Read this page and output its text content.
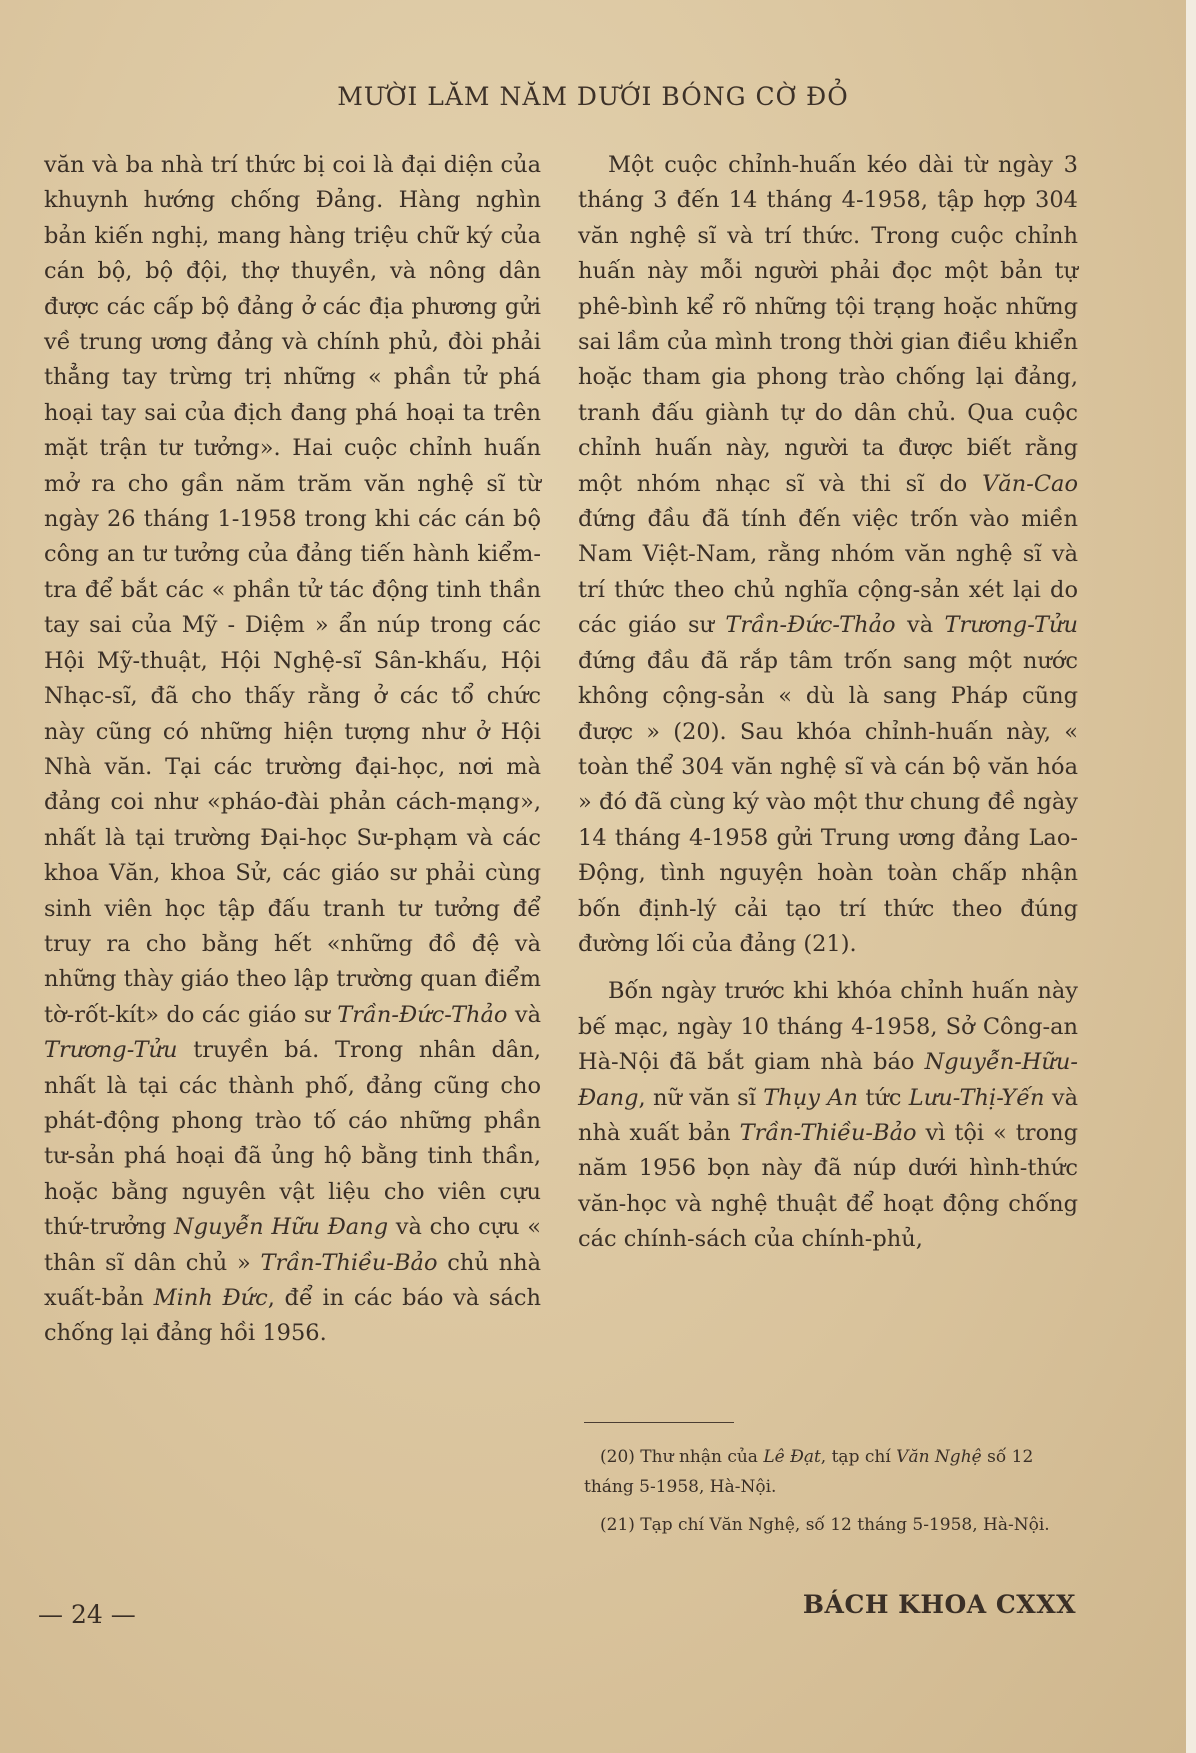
MƯỜI LĂM NĂM DƯỚI BÓNG CỜ ĐỎ

văn và ba nhà trí thức bị coi là đại diện của khuynh hướng chống Đảng. Hàng nghìn bản kiến nghị, mang hàng triệu chữ ký của cán bộ, bộ đội, thợ thuyền, và nông dân được các cấp bộ đảng ở các địa phương gửi về trung ương đảng và chính phủ, đòi phải thẳng tay trừng trị những « phần tử phá hoại tay sai của địch đang phá hoại ta trên mặt trận tư tưởng». Hai cuộc chỉnh huấn mở ra cho gần năm trăm văn nghệ sĩ từ ngày 26 tháng 1-1958 trong khi các cán bộ công an tư tưởng của đảng tiến hành kiểm-tra để bắt các « phần tử tác động tinh thần tay sai của Mỹ - Diệm » ẩn núp trong các Hội Mỹ-thuật, Hội Nghệ-sĩ Sân-khấu, Hội Nhạc-sĩ, đã cho thấy rằng ở các tổ chức này cũng có những hiện tượng như ở Hội Nhà văn. Tại các trường đại-học, nơi mà đảng coi như «pháo-đài phản cách-mạng», nhất là tại trường Đại-học Sư-phạm và các khoa Văn, khoa Sử, các giáo sư phải cùng sinh viên học tập đấu tranh tư tưởng để truy ra cho bằng hết «những đồ đệ và những thày giáo theo lập trường quan điểm tờ-rốt-kít» do các giáo sư Trần-Đức-Thảo và Trương-Tửu truyền bá. Trong nhân dân, nhất là tại các thành phố, đảng cũng cho phát-động phong trào tố cáo những phần tư-sản phá hoại đã ủng hộ bằng tinh thần, hoặc bằng nguyên vật liệu cho viên cựu thứ-trưởng Nguyễn Hữu Đang và cho cựu « thân sĩ dân chủ » Trần-Thiều-Bảo chủ nhà xuất-bản Minh Đức, để in các báo và sách chống lại đảng hồi 1956.

Một cuộc chỉnh-huấn kéo dài từ ngày 3 tháng 3 đến 14 tháng 4-1958, tập hợp 304 văn nghệ sĩ và trí thức. Trong cuộc chỉnh huấn này mỗi người phải đọc một bản tự phê-bình kể rõ những tội trạng hoặc những sai lầm của mình trong thời gian điều khiển hoặc tham gia phong trào chống lại đảng, tranh đấu giành tự do dân chủ. Qua cuộc chỉnh huấn này, người ta được biết rằng một nhóm nhạc sĩ và thi sĩ do Văn-Cao đứng đầu đã tính đến việc trốn vào miền Nam Việt-Nam, rằng nhóm văn nghệ sĩ và trí thức theo chủ nghĩa cộng-sản xét lại do các giáo sư Trần-Đức-Thảo và Trương-Tửu đứng đầu đã rắp tâm trốn sang một nước không cộng-sản « dù là sang Pháp cũng được » (20). Sau khóa chỉnh-huấn này, « toàn thể 304 văn nghệ sĩ và cán bộ văn hóa » đó đã cùng ký vào một thư chung đề ngày 14 tháng 4-1958 gửi Trung ương đảng Lao-Động, tình nguyện hoàn toàn chấp nhận bốn định-lý cải tạo trí thức theo đúng đường lối của đảng (21).

Bốn ngày trước khi khóa chỉnh huấn này bế mạc, ngày 10 tháng 4-1958, Sở Công-an Hà-Nội đã bắt giam nhà báo Nguyễn-Hữu-Đang, nữ văn sĩ Thụy An tức Lưu-Thị-Yến và nhà xuất bản Trần-Thiều-Bảo vì tội « trong năm 1956 bọn này đã núp dưới hình-thức văn-học và nghệ thuật để hoạt động chống các chính-sách của chính-phủ,

(20) Thư nhận của Lê Đạt, tạp chí Văn Nghệ số 12 tháng 5-1958, Hà-Nội.

(21) Tạp chí Văn Nghệ, số 12 tháng 5-1958, Hà-Nội.

— 24 —	BÁCH KHOA CXXX
